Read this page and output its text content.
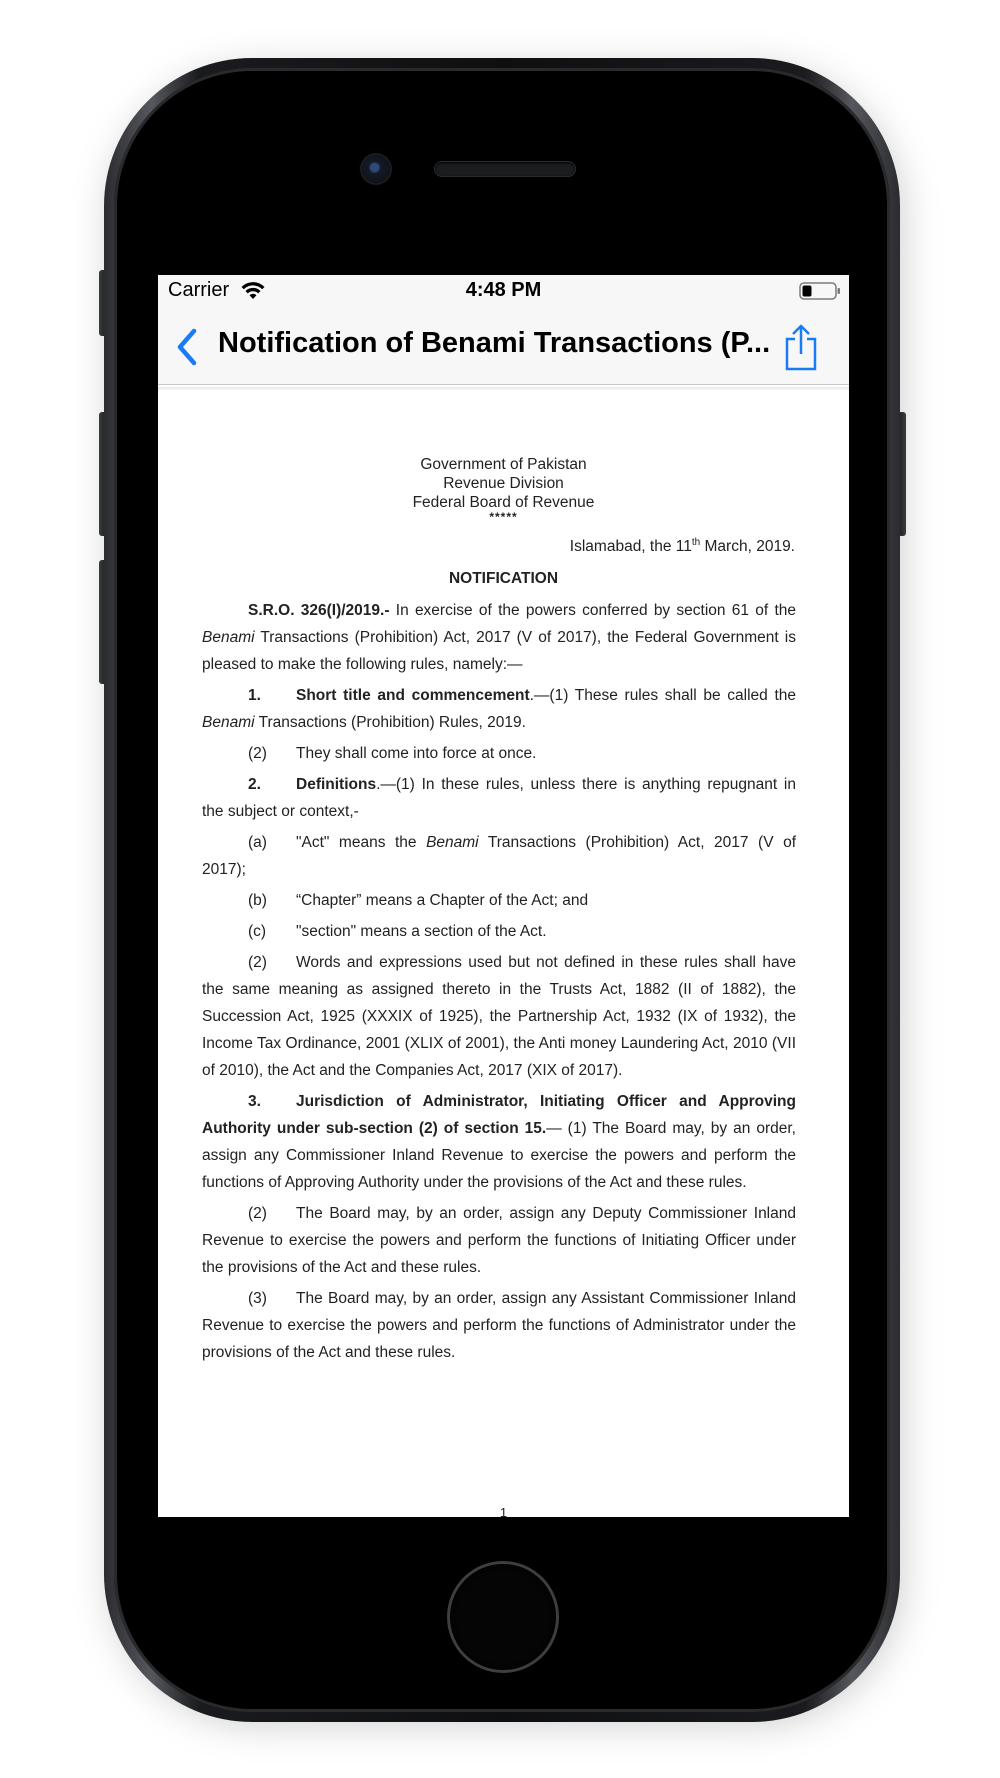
Carrier	4:48 PM
Notification of Benami Transactions (P...
Government of Pakistan
Revenue Division
Federal Board of Revenue
*****
Islamabad, the 11th March, 2019.
NOTIFICATION

S.R.O. 326(I)/2019.- In exercise of the powers conferred by section 61 of the Benami Transactions (Prohibition) Act, 2017 (V of 2017), the Federal Government is pleased to make the following rules, namely:—

1. Short title and commencement.—(1) These rules shall be called the Benami Transactions (Prohibition) Rules, 2019.

(2) They shall come into force at once.

2. Definitions.—(1) In these rules, unless there is anything repugnant in the subject or context,-

(a) "Act" means the Benami Transactions (Prohibition) Act, 2017 (V of 2017);

(b) “Chapter” means a Chapter of the Act; and

(c) "section" means a section of the Act.

(2) Words and expressions used but not defined in these rules shall have the same meaning as assigned thereto in the Trusts Act, 1882 (II of 1882), the Succession Act, 1925 (XXXIX of 1925), the Partnership Act, 1932 (IX of 1932), the Income Tax Ordinance, 2001 (XLIX of 2001), the Anti money Laundering Act, 2010 (VII of 2010), the Act and the Companies Act, 2017 (XIX of 2017).

3. Jurisdiction of Administrator, Initiating Officer and Approving Authority under sub-section (2) of section 15.— (1) The Board may, by an order, assign any Commissioner Inland Revenue to exercise the powers and perform the functions of Approving Authority under the provisions of the Act and these rules.

(2) The Board may, by an order, assign any Deputy Commissioner Inland Revenue to exercise the powers and perform the functions of Initiating Officer under the provisions of the Act and these rules.

(3) The Board may, by an order, assign any Assistant Commissioner Inland Revenue to exercise the powers and perform the functions of Administrator under the provisions of the Act and these rules.

1
